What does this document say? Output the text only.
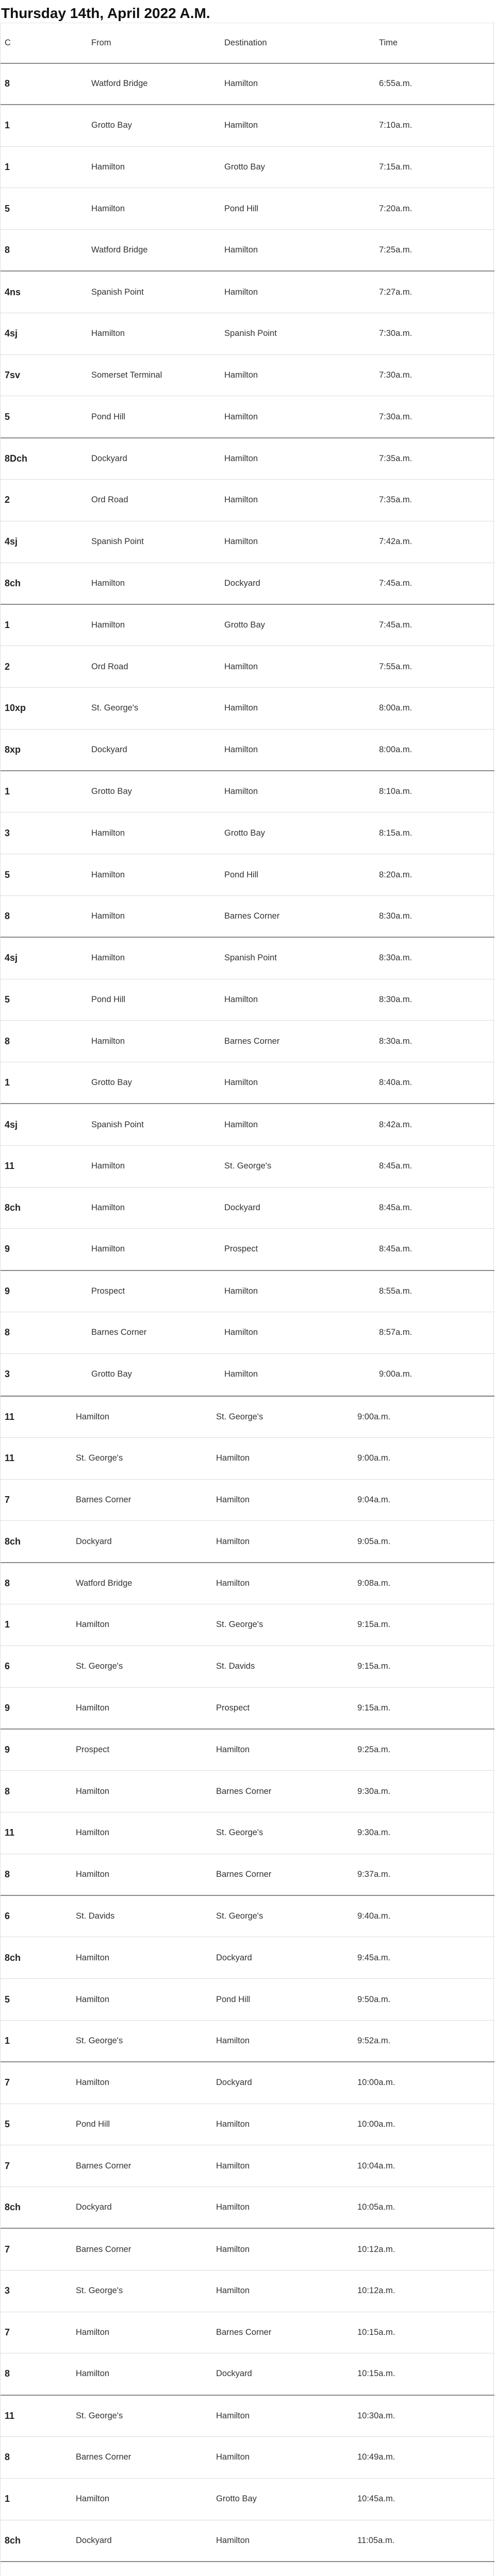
Thursday 14th, April 2022 A.M.
C	From	Destination	Time
8	Watford Bridge	Hamilton	6:55a.m.
1	Grotto Bay	Hamilton	7:10a.m.
1	Hamilton	Grotto Bay	7:15a.m.
5	Hamilton	Pond Hill	7:20a.m.
8	Watford Bridge	Hamilton	7:25a.m.
4ns	Spanish Point	Hamilton	7:27a.m.
4sj	Hamilton	Spanish Point	7:30a.m.
7sv	Somerset Terminal	Hamilton	7:30a.m.
5	Pond Hill	Hamilton	7:30a.m.
8Dch	Dockyard	Hamilton	7:35a.m.
2	Ord Road	Hamilton	7:35a.m.
4sj	Spanish Point	Hamilton	7:42a.m.
8ch	Hamilton	Dockyard	7:45a.m.
1	Hamilton	Grotto Bay	7:45a.m.
2	Ord Road	Hamilton	7:55a.m.
10xp	St. George's	Hamilton	8:00a.m.
8xp	Dockyard	Hamilton	8:00a.m.
1	Grotto Bay	Hamilton	8:10a.m.
3	Hamilton	Grotto Bay	8:15a.m.
5	Hamilton	Pond Hill	8:20a.m.
8	Hamilton	Barnes Corner	8:30a.m.
4sj	Hamilton	Spanish Point	8:30a.m.
5	Pond Hill	Hamilton	8:30a.m.
8	Hamilton	Barnes Corner	8:30a.m.
1	Grotto Bay	Hamilton	8:40a.m.
4sj	Spanish Point	Hamilton	8:42a.m.
11	Hamilton	St. George's	8:45a.m.
8ch	Hamilton	Dockyard	8:45a.m.
9	Hamilton	Prospect	8:45a.m.
9	Prospect	Hamilton	8:55a.m.
8	Barnes Corner	Hamilton	8:57a.m.
3	Grotto Bay	Hamilton	9:00a.m.
11	Hamilton	St. George's	9:00a.m.
11	St. George's	Hamilton	9:00a.m.
7	Barnes Corner	Hamilton	9:04a.m.
8ch	Dockyard	Hamilton	9:05a.m.
8	Watford Bridge	Hamilton	9:08a.m.
1	Hamilton	St. George's	9:15a.m.
6	St. George's	St. Davids	9:15a.m.
9	Hamilton	Prospect	9:15a.m.
9	Prospect	Hamilton	9:25a.m.
8	Hamilton	Barnes Corner	9:30a.m.
11	Hamilton	St. George's	9:30a.m.
8	Hamilton	Barnes Corner	9:37a.m.
6	St. Davids	St. George's	9:40a.m.
8ch	Hamilton	Dockyard	9:45a.m.
5	Hamilton	Pond Hill	9:50a.m.
1	St. George's	Hamilton	9:52a.m.
7	Hamilton	Dockyard	10:00a.m.
5	Pond Hill	Hamilton	10:00a.m.
7	Barnes Corner	Hamilton	10:04a.m.
8ch	Dockyard	Hamilton	10:05a.m.
7	Barnes Corner	Hamilton	10:12a.m.
3	St. George's	Hamilton	10:12a.m.
7	Hamilton	Barnes Corner	10:15a.m.
8	Hamilton	Dockyard	10:15a.m.
11	St. George's	Hamilton	10:30a.m.
8	Barnes Corner	Hamilton	10:49a.m.
1	Hamilton	Grotto Bay	10:45a.m.
8ch	Dockyard	Hamilton	11:05a.m.
